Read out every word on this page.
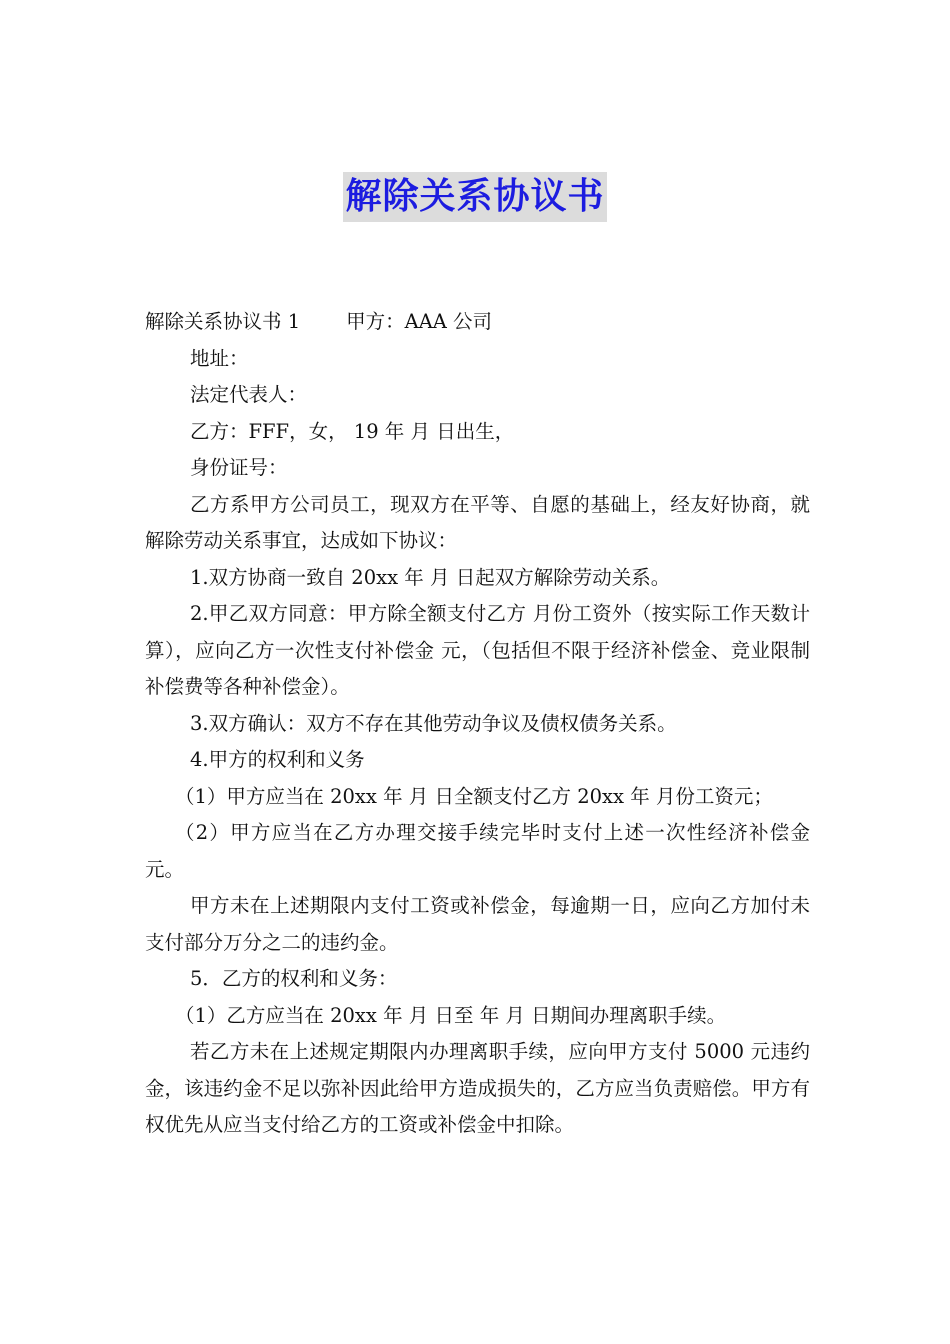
解除关系协议书

解除关系协议书 1 甲方：AAA 公司

地址：

法定代表人：

乙方：FFF，女， 19 年 月 日出生，

身份证号：

乙方系甲方公司员工，现双方在平等、自愿的基础上，经友好协商，就解除劳动关系事宜，达成如下协议：

1.双方协商一致自 20xx 年 月 日起双方解除劳动关系。

2.甲乙双方同意：甲方除全额支付乙方 月份工资外（按实际工作天数计算），应向乙方一次性支付补偿金 元，（包括但不限于经济补偿金、竞业限制补偿费等各种补偿金）。

3.双方确认：双方不存在其他劳动争议及债权债务关系。

4.甲方的权利和义务

（1）甲方应当在 20xx 年 月 日全额支付乙方 20xx 年 月份工资元；

（2）甲方应当在乙方办理交接手续完毕时支付上述一次性经济补偿金 元。

甲方未在上述期限内支付工资或补偿金，每逾期一日，应向乙方加付未支付部分万分之二的违约金。

5．乙方的权利和义务：

（1）乙方应当在 20xx 年 月 日至 年 月 日期间办理离职手续。

若乙方未在上述规定期限内办理离职手续，应向甲方支付 5000 元违约金，该违约金不足以弥补因此给甲方造成损失的，乙方应当负责赔偿。甲方有权优先从应当支付给乙方的工资或补偿金中扣除。
